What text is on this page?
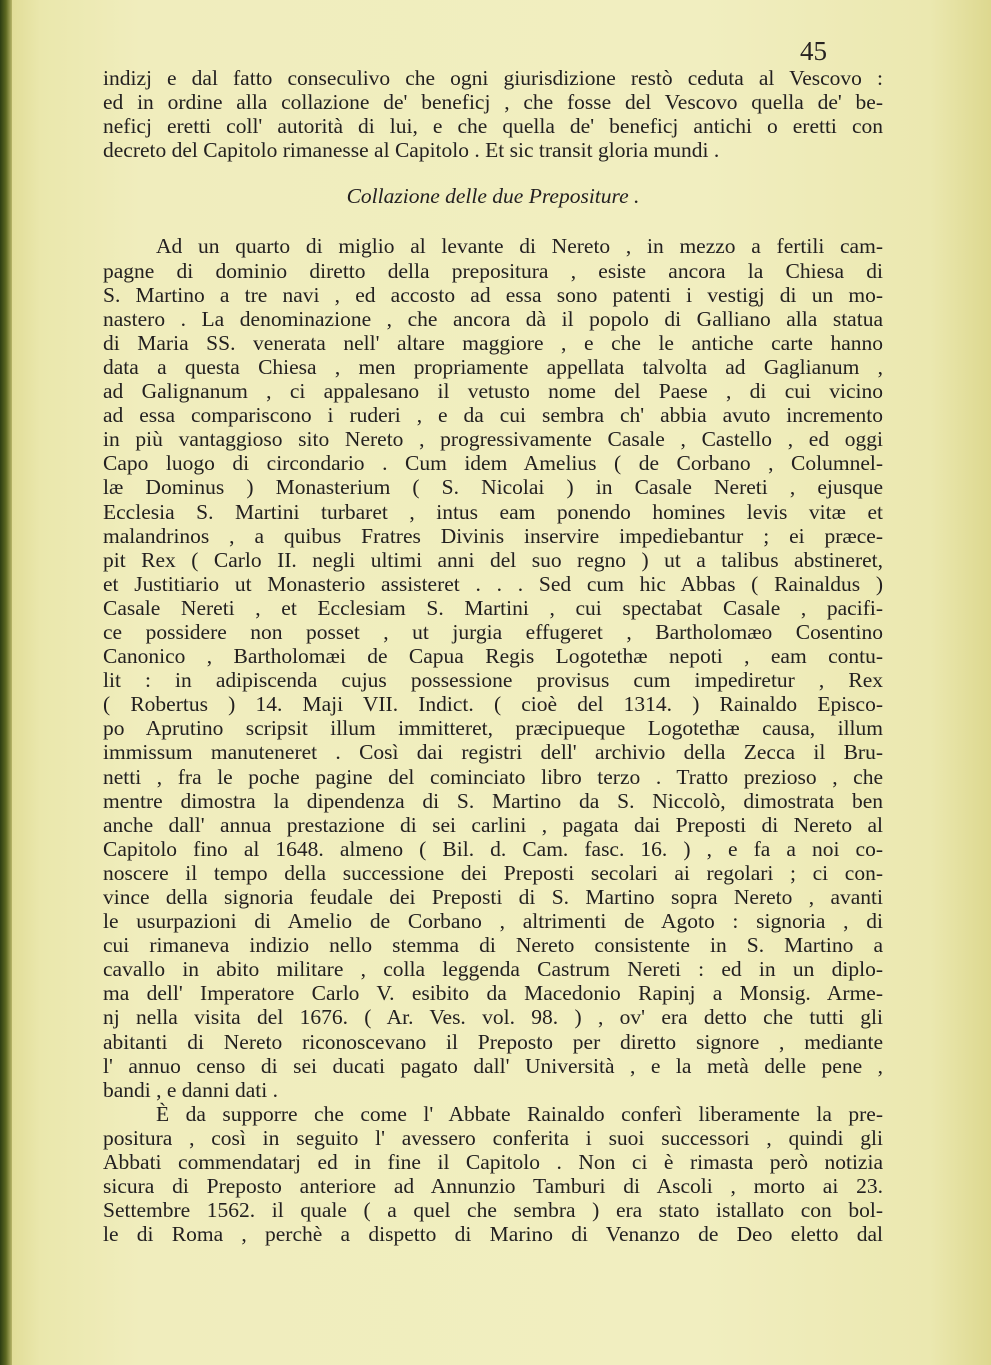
45
indizj e dal fatto conseculivo che ogni giurisdizione restò ceduta al Vescovo :
ed in ordine alla collazione de' beneficj , che fosse del Vescovo quella de' be-
neficj eretti coll' autorità di lui, e che quella de' beneficj antichi o eretti con
decreto del Capitolo rimanesse al Capitolo . Et sic transit gloria mundi .
Collazione delle due Prepositure .
Ad un quarto di miglio al levante di Nereto , in mezzo a fertili cam-
pagne di dominio diretto della prepositura , esiste ancora la Chiesa di
S. Martino a tre navi , ed accosto ad essa sono patenti i vestigj di un mo-
nastero . La denominazione , che ancora dà il popolo di Galliano alla statua
di Maria SS. venerata nell' altare maggiore , e che le antiche carte hanno
data a questa Chiesa , men propriamente appellata talvolta ad Gaglianum ,
ad Galignanum , ci appalesano il vetusto nome del Paese , di cui vicino
ad essa compariscono i ruderi , e da cui sembra ch' abbia avuto incremento
in più vantaggioso sito Nereto , progressivamente Casale , Castello , ed oggi
Capo luogo di circondario . Cum idem Amelius ( de Corbano , Columnel-
læ Dominus ) Monasterium ( S. Nicolai ) in Casale Nereti , ejusque
Ecclesia S. Martini turbaret , intus eam ponendo homines levis vitæ et
malandrinos , a quibus Fratres Divinis inservire impediebantur ; ei præce-
pit Rex ( Carlo II. negli ultimi anni del suo regno ) ut a talibus abstineret,
et Justitiario ut Monasterio assisteret . . . Sed cum hic Abbas ( Rainaldus )
Casale Nereti , et Ecclesiam S. Martini , cui spectabat Casale , pacifi-
ce possidere non posset , ut jurgia effugeret , Bartholomæo Cosentino
Canonico , Bartholomæi de Capua Regis Logotethæ nepoti , eam contu-
lit : in adipiscenda cujus possessione provisus cum impediretur , Rex
( Robertus ) 14. Maji VII. Indict. ( cioè del 1314. ) Rainaldo Episco-
po Aprutino scripsit illum immitteret, præcipueque Logotethæ causa, illum
immissum manuteneret . Così dai registri dell' archivio della Zecca il Bru-
netti , fra le poche pagine del cominciato libro terzo . Tratto prezioso , che
mentre dimostra la dipendenza di S. Martino da S. Niccolò, dimostrata ben
anche dall' annua prestazione di sei carlini , pagata dai Preposti di Nereto al
Capitolo fino al 1648. almeno ( Bil. d. Cam. fasc. 16. ) , e fa a noi co-
noscere il tempo della successione dei Preposti secolari ai regolari ; ci con-
vince della signoria feudale dei Preposti di S. Martino sopra Nereto , avanti
le usurpazioni di Amelio de Corbano , altrimenti de Agoto : signoria , di
cui rimaneva indizio nello stemma di Nereto consistente in S. Martino a
cavallo in abito militare , colla leggenda Castrum Nereti : ed in un diplo-
ma dell' Imperatore Carlo V. esibito da Macedonio Rapinj a Monsig. Arme-
nj nella visita del 1676. ( Ar. Ves. vol. 98. ) , ov' era detto che tutti gli
abitanti di Nereto riconoscevano il Preposto per diretto signore , mediante
l' annuo censo di sei ducati pagato dall' Università , e la metà delle pene ,
bandi , e danni dati .
È da supporre che come l' Abbate Rainaldo conferì liberamente la pre-
positura , così in seguito l' avessero conferita i suoi successori , quindi gli
Abbati commendatarj ed in fine il Capitolo . Non ci è rimasta però notizia
sicura di Preposto anteriore ad Annunzio Tamburi di Ascoli , morto ai 23.
Settembre 1562. il quale ( a quel che sembra ) era stato istallato con bol-
le di Roma , perchè a dispetto di Marino di Venanzo de Deo eletto dal
